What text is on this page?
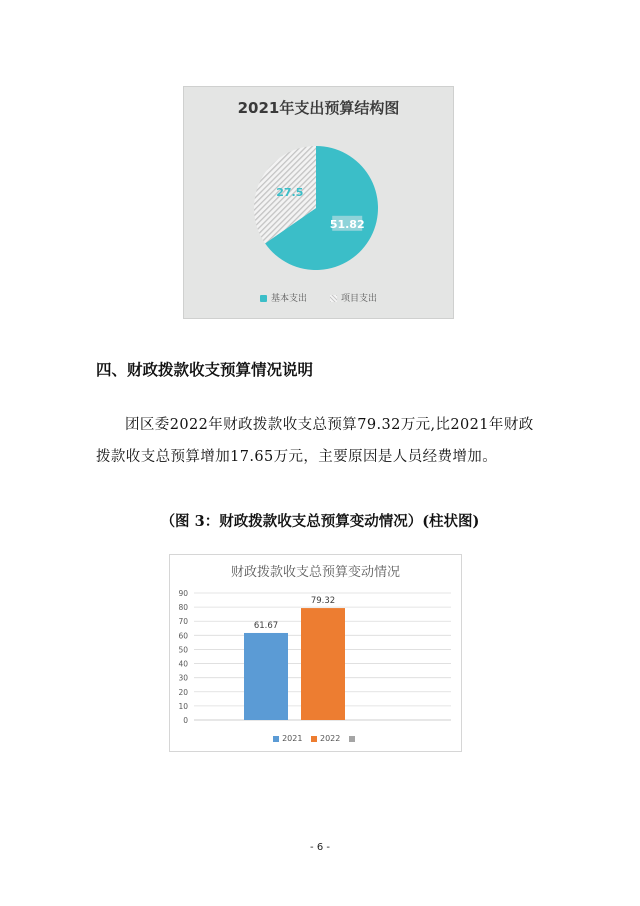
2021年支出预算结构图
51.82
27.5
基本支出	项目支出
四、财政拨款收支预算情况说明

团区委2022年财政拨款收支总预算79.32万元,比2021年财政拨款收支总预算增加17.65万元，主要原因是人员经费增加。

（图 3：财政拨款收支总预算变动情况）(柱状图)
财政拨款收支总预算变动情况
0
10
20
30
40
50
60
70
80
90
61.67
79.32
2021 2022
- 6 -
